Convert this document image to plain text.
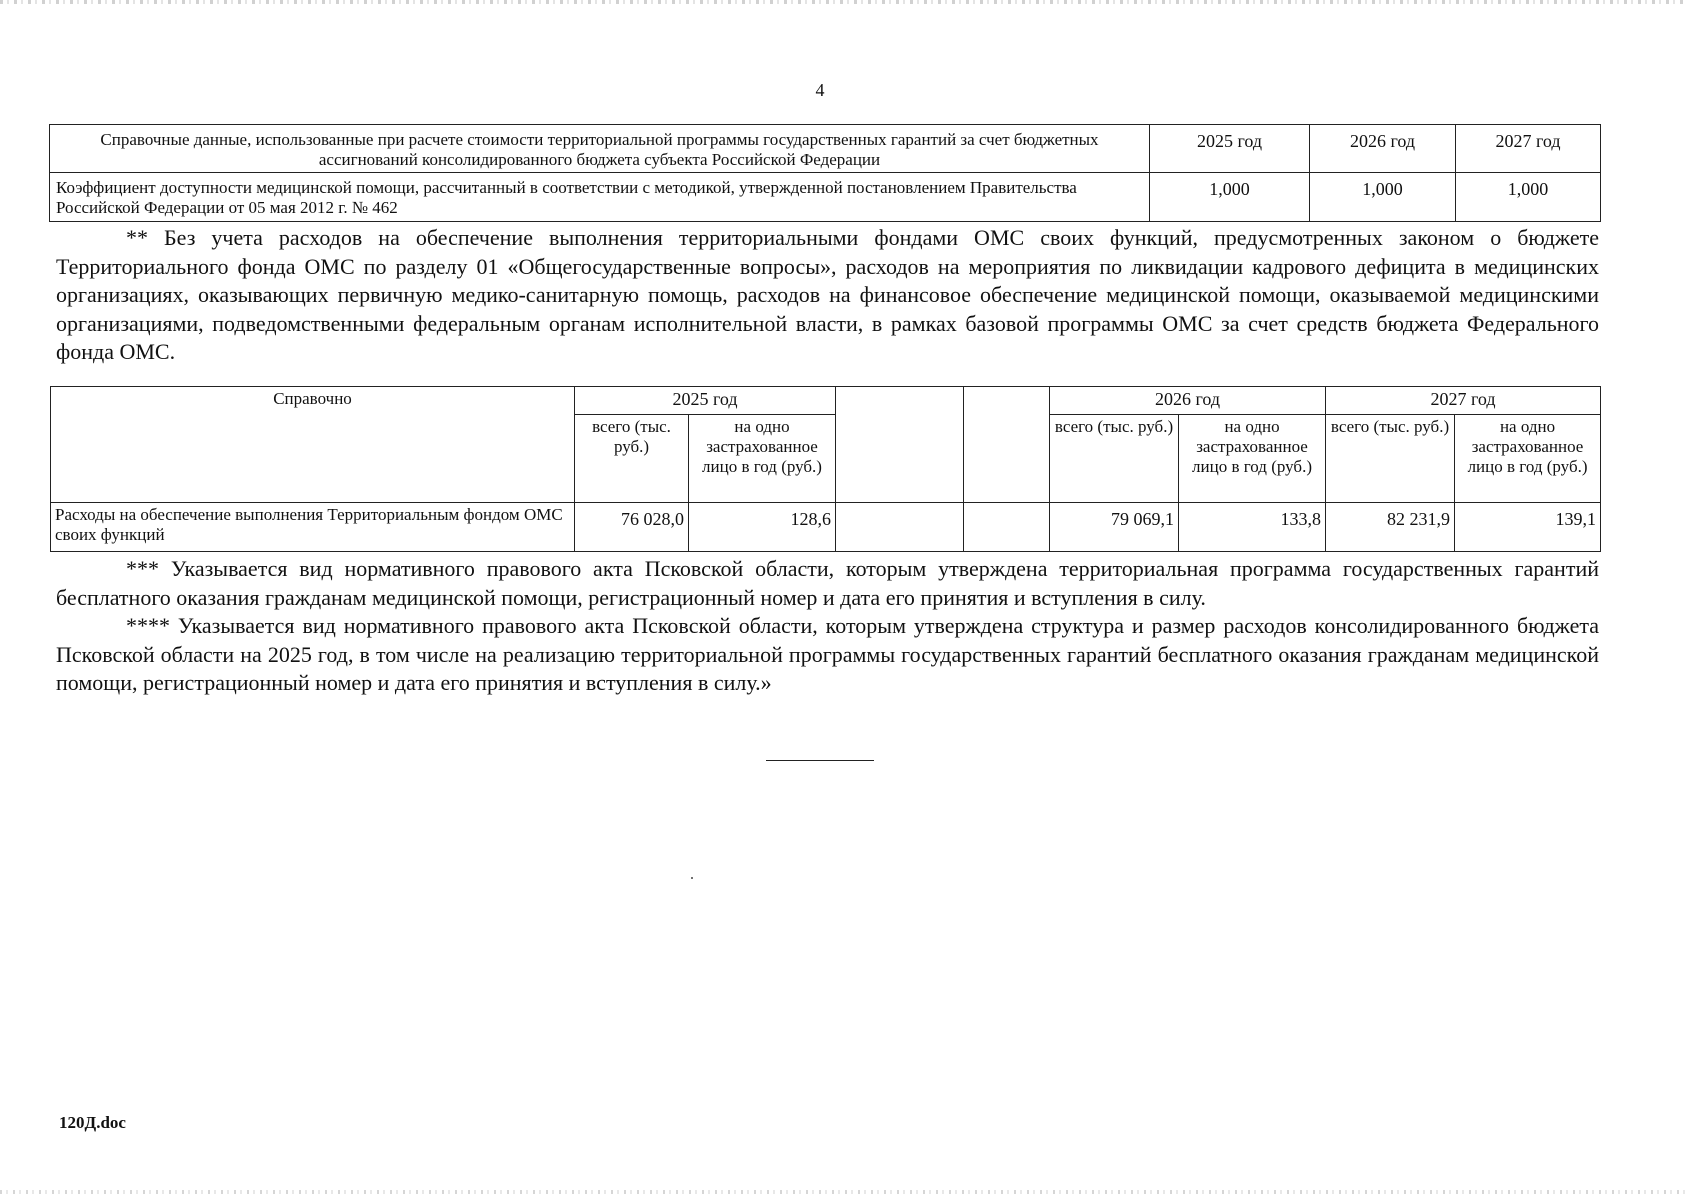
4
Справочные данные, использованные при расчете стоимости территориальной программы государственных гарантий за счет бюджетных ассигнований консолидированного бюджета субъекта Российской Федерации	2025 год	2026 год	2027 год
Коэффициент доступности медицинской помощи, рассчитанный в соответствии с методикой, утвержденной постановлением Правительства Российской Федерации от 05 мая 2012 г. № 462	1,000	1,000	1,000

** Без учета расходов на обеспечение выполнения территориальными фондами ОМС своих функций, предусмотренных законом о бюджете Территориального фонда ОМС по разделу 01 «Общегосударственные вопросы», расходов на мероприятия по ликвидации кадрового дефицита в медицинских организациях, оказывающих первичную медико-санитарную помощь, расходов на финансовое обеспечение медицинской помощи, оказываемой медицинскими организациями, подведомственными федеральным органам исполнительной власти, в рамках базовой программы ОМС за счет средств бюджета Федерального фонда ОМС.

Справочно	2025 год				2026 год		2027 год	
	всего (тыс. руб.)	на одно застрахованное лицо в год (руб.)			всего (тыс. руб.)	на одно застрахованное лицо в год (руб.)	всего (тыс. руб.)	на одно застрахованное лицо в год (руб.)
Расходы на обеспечение выполнения Территориальным фондом ОМС своих функций	76 028,0	128,6			79 069,1	133,8	82 231,9	139,1

*** Указывается вид нормативного правового акта Псковской области, которым утверждена территориальная программа государственных гарантий бесплатного оказания гражданам медицинской помощи, регистрационный номер и дата его принятия и вступления в силу.

**** Указывается вид нормативного правового акта Псковской области, которым утверждена структура и размер расходов консолидированного бюджета Псковской области на 2025 год, в том числе на реализацию территориальной программы государственных гарантий бесплатного оказания гражданам медицинской помощи, регистрационный номер и дата его принятия и вступления в силу.»

120Д.doc
